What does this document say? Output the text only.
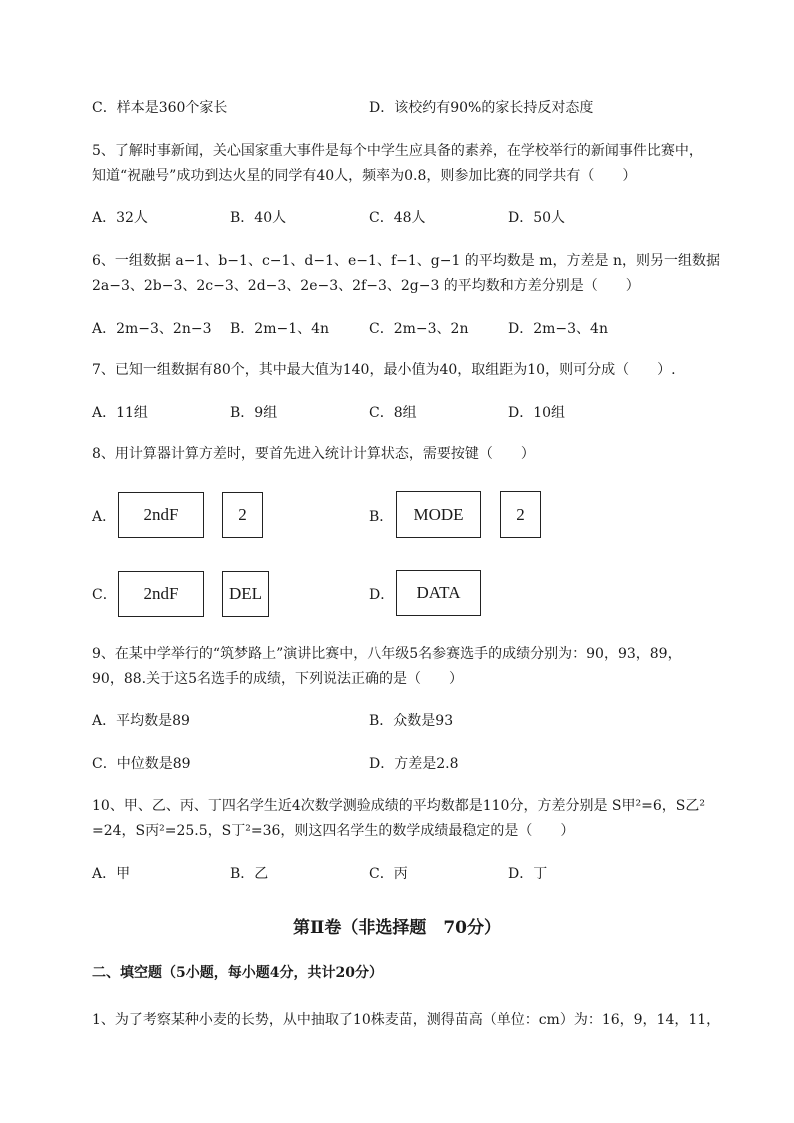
C．样本是360个家长	D．该校约有90%的家长持反对态度
5、了解时事新闻，关心国家重大事件是每个中学生应具备的素养，在学校举行的新闻事件比赛中，
知道“祝融号”成功到达火星的同学有40人，频率为0.8，则参加比赛的同学共有（　　）
A．32人	B．40人	C．48人	D．50人
6、一组数据 a−1、b−1、c−1、d−1、e−1、f−1、g−1 的平均数是 m，方差是 n，则另一组数据
2a−3、2b−3、2c−3、2d−3、2e−3、2f−3、2g−3 的平均数和方差分别是（　　）
A．2m−3、2n−3 B．2m−1、4n	C．2m−3、2n	D．2m−3、4n
7、已知一组数据有80个，其中最大值为140，最小值为40，取组距为10，则可分成（　　）.
A．11组	B．9组	C．8组	D．10组
8、用计算器计算方差时，要首先进入统计计算状态，需要按键（　　）
A．	2ndF	2	B．	MODE	2
C．	2ndF	DEL	D．	DATA
9、在某中学举行的“筑梦路上”演讲比赛中，八年级5名参赛选手的成绩分别为：90，93，89，
90，88.关于这5名选手的成绩，下列说法正确的是（　　）
A．平均数是89	B．众数是93
C．中位数是89	D．方差是2.8
10、甲、乙、丙、丁四名学生近4次数学测验成绩的平均数都是110分，方差分别是 S甲²=6，S乙²
=24，S丙²=25.5，S丁²=36，则这四名学生的数学成绩最稳定的是（　　）
A．甲	B．乙	C．丙	D．丁
第Ⅱ卷（非选择题　70分）
二、填空题（5小题，每小题4分，共计20分）
1、为了考察某种小麦的长势，从中抽取了10株麦苗，测得苗高（单位：cm）为：16，9，14，11，
